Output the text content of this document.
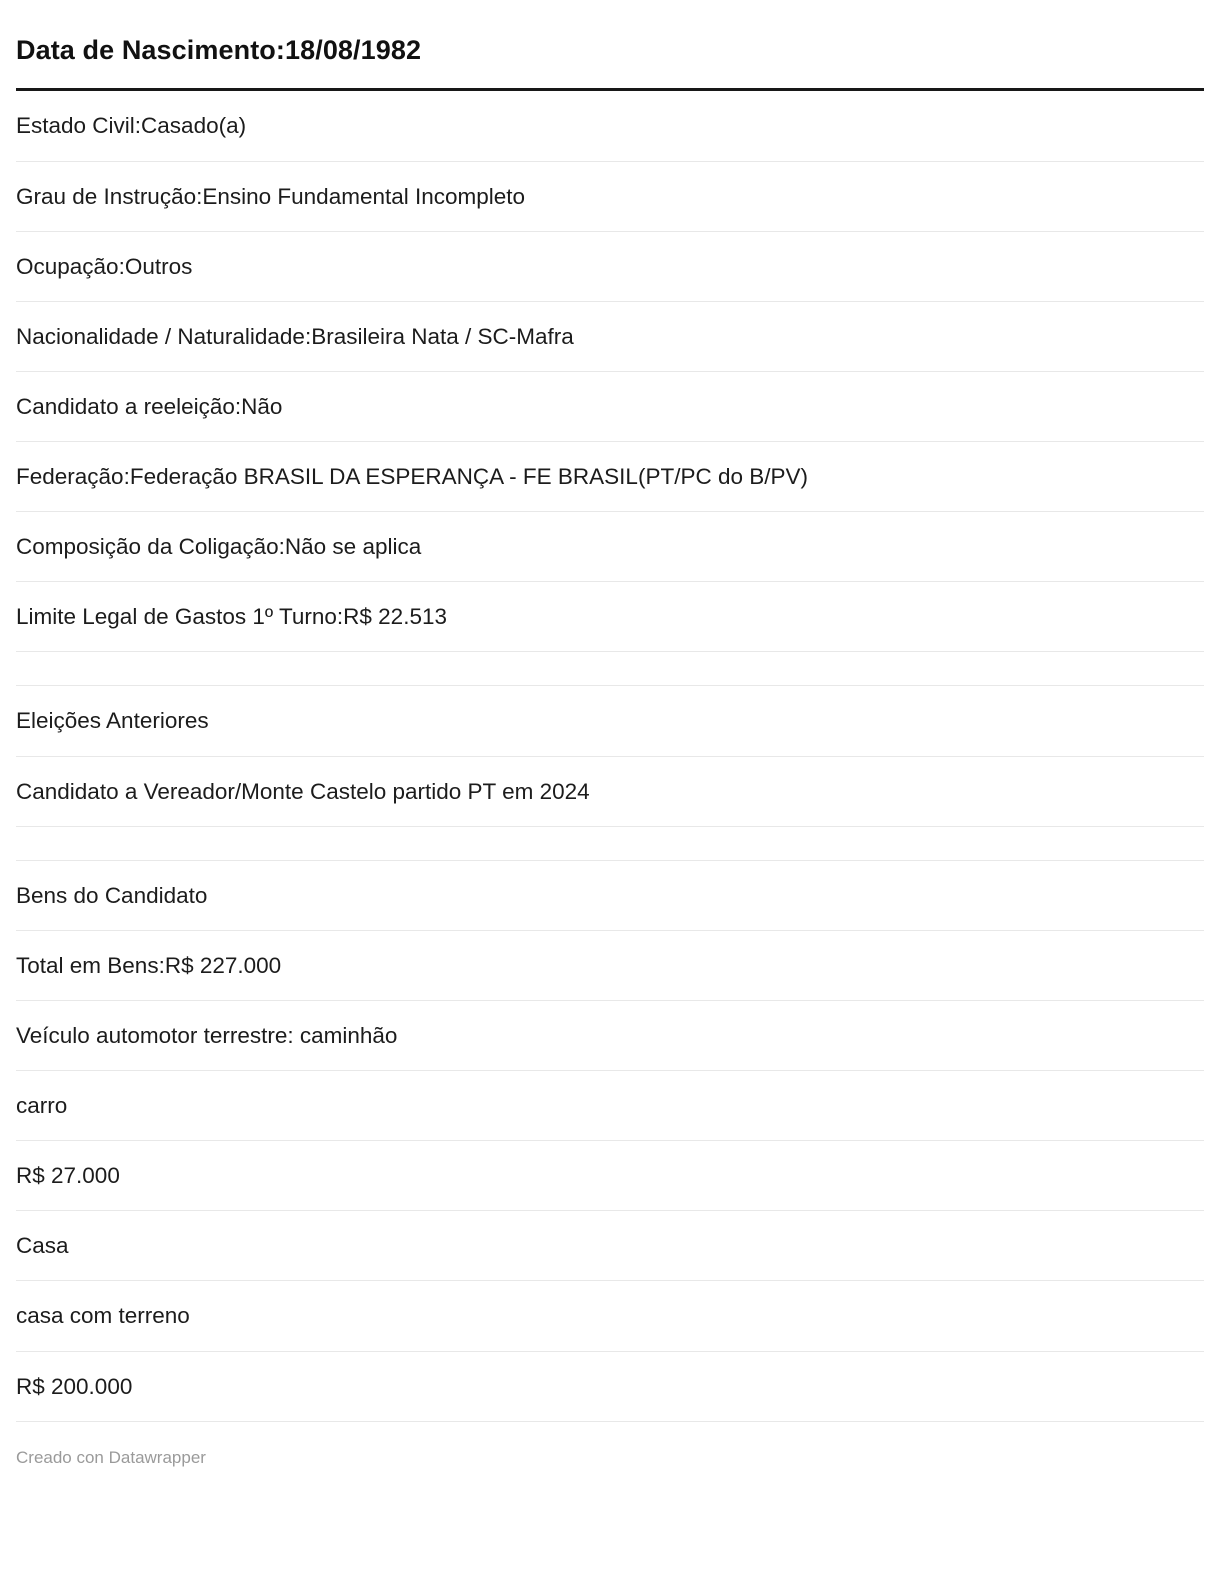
Data de Nascimento:18/08/1982
Estado Civil:Casado(a)
Grau de Instrução:Ensino Fundamental Incompleto
Ocupação:Outros
Nacionalidade / Naturalidade:Brasileira Nata / SC-Mafra
Candidato a reeleição:Não
Federação:Federação BRASIL DA ESPERANÇA - FE BRASIL(PT/PC do B/PV)
Composição da Coligação:Não se aplica
Limite Legal de Gastos 1º Turno:R$ 22.513
Eleições Anteriores
Candidato a Vereador/Monte Castelo partido PT em 2024
Bens do Candidato
Total em Bens:R$ 227.000
Veículo automotor terrestre: caminhão
carro
R$ 27.000
Casa
casa com terreno
R$ 200.000
Creado con Datawrapper
